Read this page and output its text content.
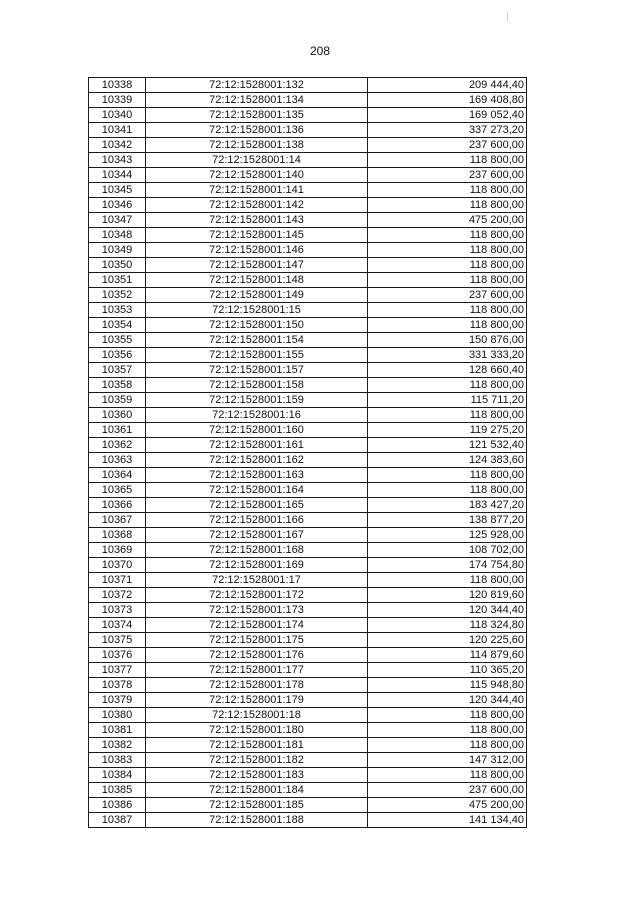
208
10338	72:12:1528001:132	209 444,40
10339	72:12:1528001:134	169 408,80
10340	72:12:1528001:135	169 052,40
10341	72:12:1528001:136	337 273,20
10342	72:12:1528001:138	237 600,00
10343	72:12:1528001:14	118 800,00
10344	72:12:1528001:140	237 600,00
10345	72:12:1528001:141	118 800,00
10346	72:12:1528001:142	118 800,00
10347	72:12:1528001:143	475 200,00
10348	72:12:1528001:145	118 800,00
10349	72:12:1528001:146	118 800,00
10350	72:12:1528001:147	118 800,00
10351	72:12:1528001:148	118 800,00
10352	72:12:1528001:149	237 600,00
10353	72:12:1528001:15	118 800,00
10354	72:12:1528001:150	118 800,00
10355	72:12:1528001:154	150 876,00
10356	72:12:1528001:155	331 333,20
10357	72:12:1528001:157	128 660,40
10358	72:12:1528001:158	118 800,00
10359	72:12:1528001:159	115 711,20
10360	72:12:1528001:16	118 800,00
10361	72:12:1528001:160	119 275,20
10362	72:12:1528001:161	121 532,40
10363	72:12:1528001:162	124 383,60
10364	72:12:1528001:163	118 800,00
10365	72:12:1528001:164	118 800,00
10366	72:12:1528001:165	183 427,20
10367	72:12:1528001:166	138 877,20
10368	72:12:1528001:167	125 928,00
10369	72:12:1528001:168	108 702,00
10370	72:12:1528001:169	174 754,80
10371	72:12:1528001:17	118 800,00
10372	72:12:1528001:172	120 819,60
10373	72:12:1528001:173	120 344,40
10374	72:12:1528001:174	118 324,80
10375	72:12:1528001:175	120 225,60
10376	72:12:1528001:176	114 879,60
10377	72:12:1528001:177	110 365,20
10378	72:12:1528001:178	115 948,80
10379	72:12:1528001:179	120 344,40
10380	72:12:1528001:18	118 800,00
10381	72:12:1528001:180	118 800,00
10382	72:12:1528001:181	118 800,00
10383	72:12:1528001:182	147 312,00
10384	72:12:1528001:183	118 800,00
10385	72:12:1528001:184	237 600,00
10386	72:12:1528001:185	475 200,00
10387	72:12:1528001:188	141 134,40
